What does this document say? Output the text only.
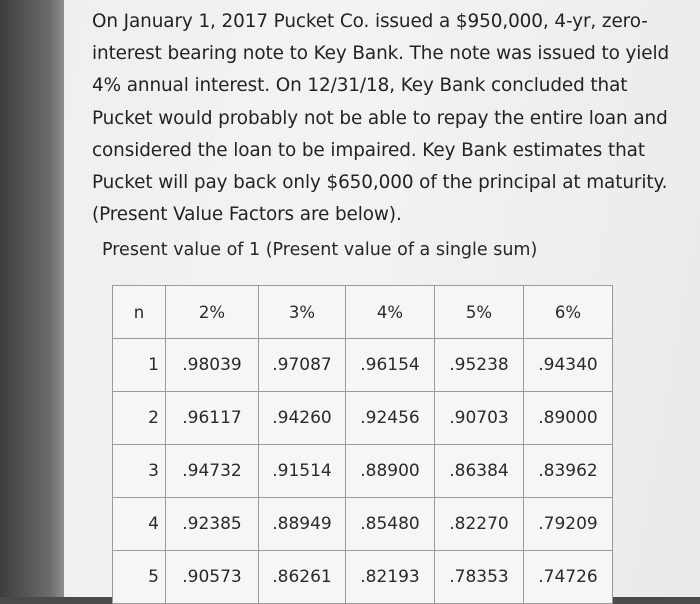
On January 1, 2017 Pucket Co. issued a $950,000, 4-yr, zero-
interest bearing note to Key Bank. The note was issued to yield
4% annual interest. On 12/31/18, Key Bank concluded that
Pucket would probably not be able to repay the entire loan and
considered the loan to be impaired. Key Bank estimates that
Pucket will pay back only $650,000 of the principal at maturity.
(Present Value Factors are below).
Present value of 1 (Present value of a single sum)
n	2%	3%	4%	5%	6%
1	.98039	.97087	.96154	.95238	.94340
2	.96117	.94260	.92456	.90703	.89000
3	.94732	.91514	.88900	.86384	.83962
4	.92385	.88949	.85480	.82270	.79209
5	.90573	.86261	.82193	.78353	.74726
